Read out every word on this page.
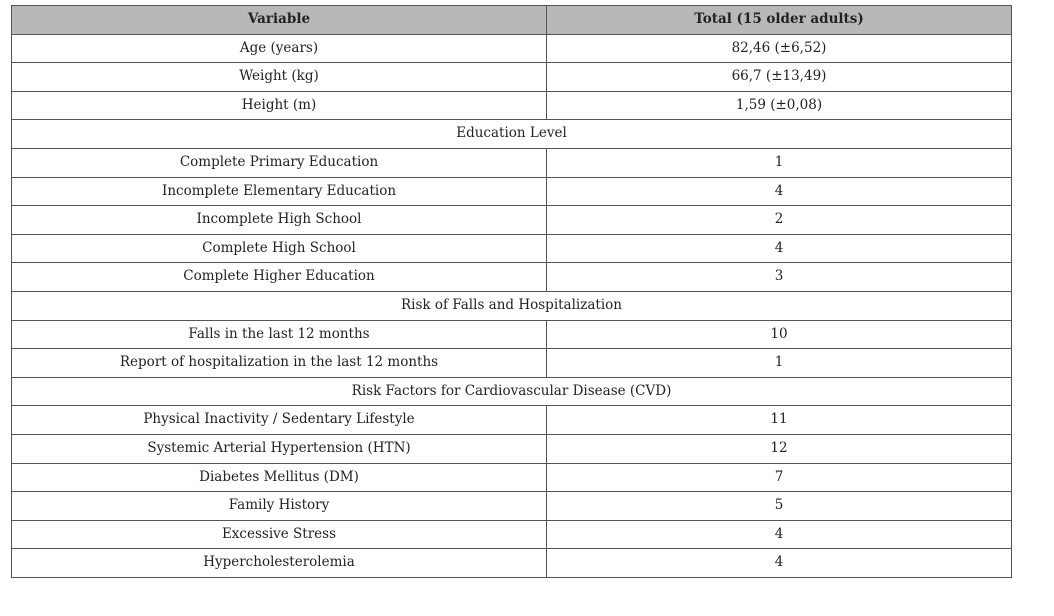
Variable	Total (15 older adults)
Age (years)	82,46 (±6,52)
Weight (kg)	66,7 (±13,49)
Height (m)	1,59 (±0,08)
Education Level	
Complete Primary Education	1
Incomplete Elementary Education	4
Incomplete High School	2
Complete High School	4
Complete Higher Education	3
Risk of Falls and Hospitalization	
Falls in the last 12 months	10
Report of hospitalization in the last 12 months	1
Risk Factors for Cardiovascular Disease (CVD)	
Physical Inactivity / Sedentary Lifestyle	11
Systemic Arterial Hypertension (HTN)	12
Diabetes Mellitus (DM)	7
Family History	5
Excessive Stress	4
Hypercholesterolemia	4
